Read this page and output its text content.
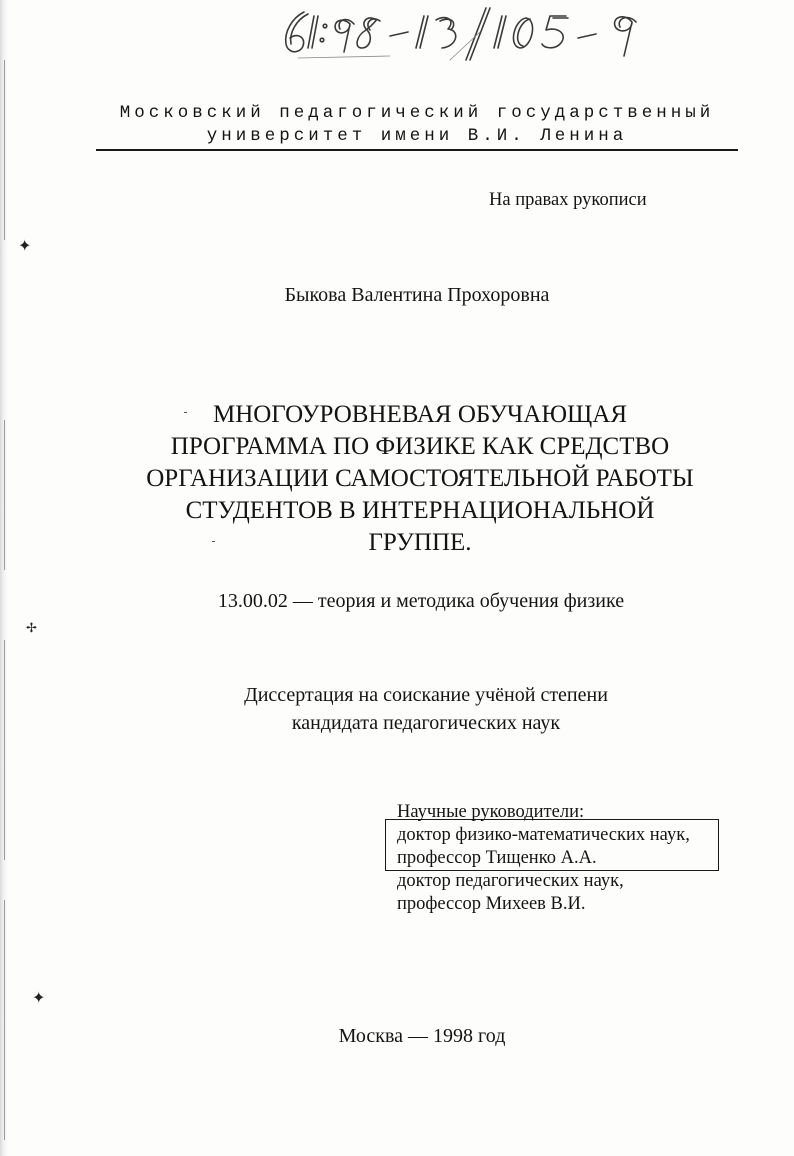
✦
✢
✦
Московский педагогический государственный
университет имени В.И. Ленина
На правах рукописи
Быкова Валентина Прохоровна
МНОГОУРОВНЕВАЯ ОБУЧАЮЩАЯ
ПРОГРАММА ПО ФИЗИКЕ КАК СРЕДСТВО
ОРГАНИЗАЦИИ САМОСТОЯТЕЛЬНОЙ РАБОТЫ
СТУДЕНТОВ В ИНТЕРНАЦИОНАЛЬНОЙ
ГРУППЕ.
13.00.02 — теория и методика обучения физике
Диссертация на соискание учёной степени
кандидата педагогических наук
Научные руководители:
доктор физико-математических наук,
профессор Тищенко А.А.
доктор педагогических наук,
профессор Михеев В.И.
Москва — 1998 год
